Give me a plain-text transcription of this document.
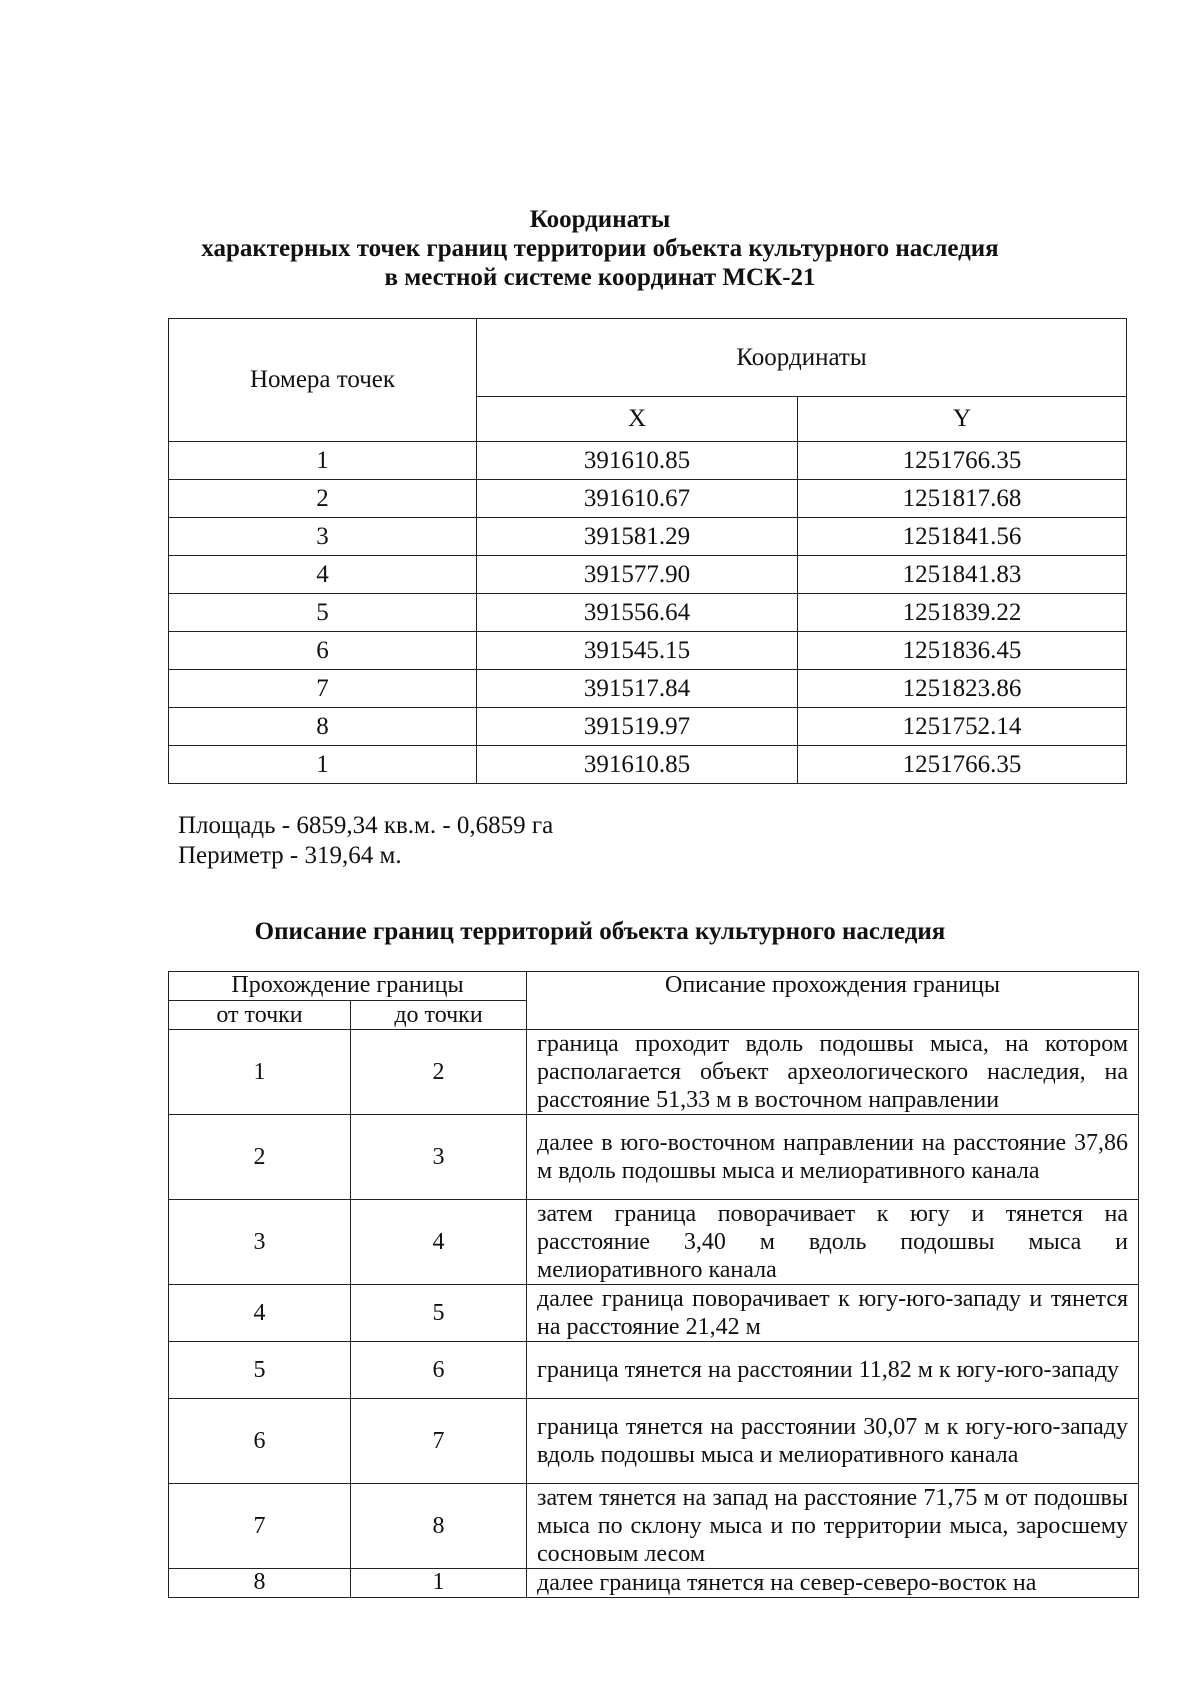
Координаты
характерных точек границ территории объекта культурного наследия
в местной системе координат МСК-21
Номера точек	Координаты	
	X	Y
1	391610.85	1251766.35
2	391610.67	1251817.68
3	391581.29	1251841.56
4	391577.90	1251841.83
5	391556.64	1251839.22
6	391545.15	1251836.45
7	391517.84	1251823.86
8	391519.97	1251752.14
1	391610.85	1251766.35
Площадь - 6859,34 кв.м. - 0,6859 га
Периметр - 319,64 м.
Описание границ территорий объекта культурного наследия
Прохождение границы		Описание прохождения границы
от точки	до точки	
1	2	граница проходит вдоль подошвы мыса, на котором располагается объект археологического наследия, на расстояние 51,33 м в восточном направлении
2	3	далее в юго-восточном направлении на расстояние 37,86 м вдоль подошвы мыса и мелиоративного канала
3	4	затем граница поворачивает к югу и тянется на расстояние 3,40 м вдоль подошвы мыса и мелиоративного канала
4	5	далее граница поворачивает к югу-юго-западу и тянется на расстояние 21,42 м
5	6	граница тянется на расстоянии 11,82 м к югу-юго-западу
6	7	граница тянется на расстоянии 30,07 м к югу-юго-западу вдоль подошвы мыса и мелиоративного канала
7	8	затем тянется на запад на расстояние 71,75 м от подошвы мыса по склону мыса и по территории мыса, заросшему сосновым лесом
8	1	далее граница тянется на север-северо-восток на
